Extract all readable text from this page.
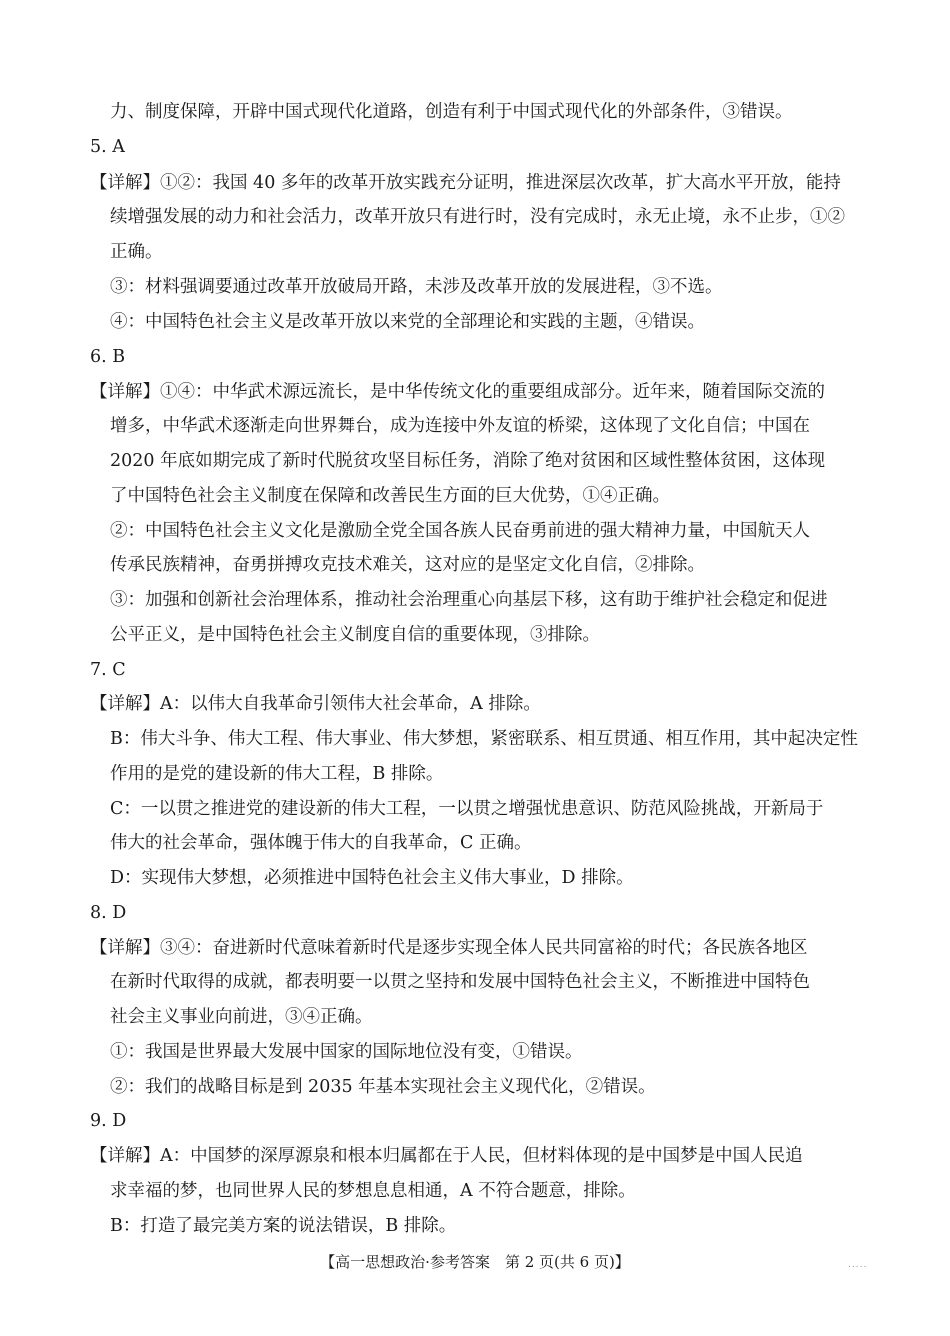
力、制度保障，开辟中国式现代化道路，创造有利于中国式现代化的外部条件，③错误。
5. A
【详解】①②：我国 40 多年的改革开放实践充分证明，推进深层次改革，扩大高水平开放，能持
续增强发展的动力和社会活力，改革开放只有进行时，没有完成时，永无止境，永不止步，①②
正确。
③：材料强调要通过改革开放破局开路，未涉及改革开放的发展进程，③不选。
④：中国特色社会主义是改革开放以来党的全部理论和实践的主题，④错误。
6. B
【详解】①④：中华武术源远流长，是中华传统文化的重要组成部分。近年来，随着国际交流的
增多，中华武术逐渐走向世界舞台，成为连接中外友谊的桥梁，这体现了文化自信；中国在
2020 年底如期完成了新时代脱贫攻坚目标任务，消除了绝对贫困和区域性整体贫困，这体现
了中国特色社会主义制度在保障和改善民生方面的巨大优势，①④正确。
②：中国特色社会主义文化是激励全党全国各族人民奋勇前进的强大精神力量，中国航天人
传承民族精神，奋勇拼搏攻克技术难关，这对应的是坚定文化自信，②排除。
③：加强和创新社会治理体系，推动社会治理重心向基层下移，这有助于维护社会稳定和促进
公平正义，是中国特色社会主义制度自信的重要体现，③排除。
7. C
【详解】A：以伟大自我革命引领伟大社会革命，A 排除。
B：伟大斗争、伟大工程、伟大事业、伟大梦想，紧密联系、相互贯通、相互作用，其中起决定性
作用的是党的建设新的伟大工程，B 排除。
C：一以贯之推进党的建设新的伟大工程，一以贯之增强忧患意识、防范风险挑战，开新局于
伟大的社会革命，强体魄于伟大的自我革命，C 正确。
D：实现伟大梦想，必须推进中国特色社会主义伟大事业，D 排除。
8. D
【详解】③④：奋进新时代意味着新时代是逐步实现全体人民共同富裕的时代；各民族各地区
在新时代取得的成就，都表明要一以贯之坚持和发展中国特色社会主义，不断推进中国特色
社会主义事业向前进，③④正确。
①：我国是世界最大发展中国家的国际地位没有变，①错误。
②：我们的战略目标是到 2035 年基本实现社会主义现代化，②错误。
9. D
【详解】A：中国梦的深厚源泉和根本归属都在于人民，但材料体现的是中国梦是中国人民追
求幸福的梦，也同世界人民的梦想息息相通，A 不符合题意，排除。
B：打造了最完美方案的说法错误，B 排除。
【高一思想政治·参考答案　第 2 页(共 6 页)】	.....
